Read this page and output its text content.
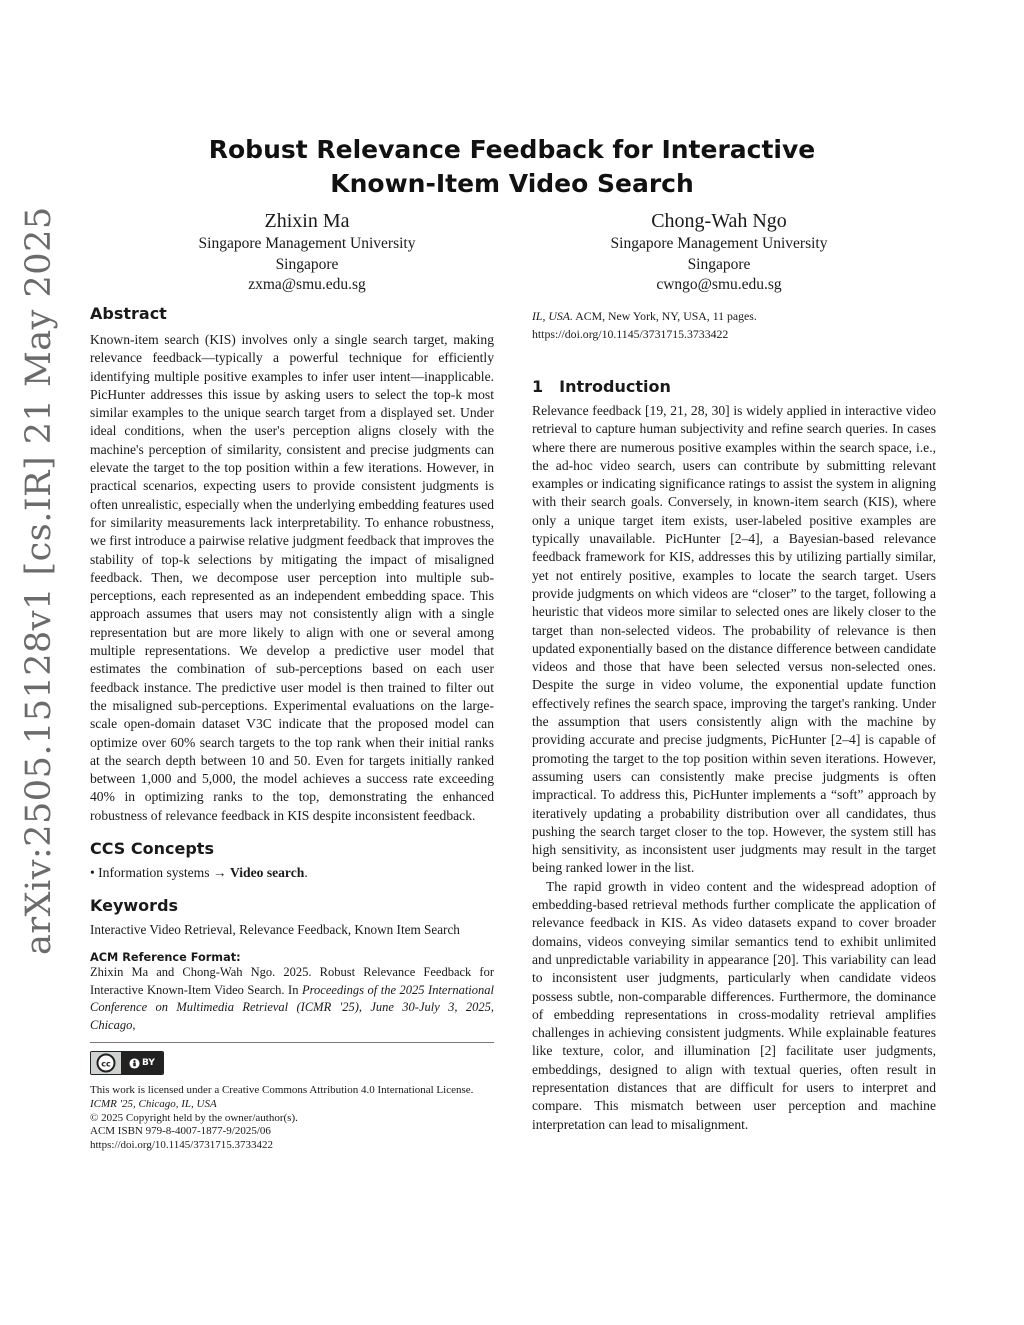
arXiv:2505.15128v1 [cs.IR] 21 May 2025
Robust Relevance Feedback for Interactive
Known-Item Video Search
Zhixin Ma
Singapore Management University
Singapore
zxma@smu.edu.sg
Chong-Wah Ngo
Singapore Management University
Singapore
cwngo@smu.edu.sg
Abstract

Known-item search (KIS) involves only a single search target, making relevance feedback—typically a powerful technique for efficiently identifying multiple positive examples to infer user intent—inapplicable. PicHunter addresses this issue by asking users to select the top-k most similar examples to the unique search target from a displayed set. Under ideal conditions, when the user's perception aligns closely with the machine's perception of similarity, consistent and precise judgments can elevate the target to the top position within a few iterations. However, in practical scenarios, expecting users to provide consistent judgments is often unrealistic, especially when the underlying embedding features used for similarity measurements lack interpretability. To enhance robustness, we first introduce a pairwise relative judgment feedback that improves the stability of top-k selections by mitigating the impact of misaligned feedback. Then, we decompose user perception into multiple sub-perceptions, each represented as an independent embedding space. This approach assumes that users may not consistently align with a single representation but are more likely to align with one or several among multiple representations. We develop a predictive user model that estimates the combination of sub-perceptions based on each user feedback instance. The predictive user model is then trained to filter out the misaligned sub-perceptions. Experimental evaluations on the large-scale open-domain dataset V3C indicate that the proposed model can optimize over 60% search targets to the top rank when their initial ranks at the search depth between 10 and 50. Even for targets initially ranked between 1,000 and 5,000, the model achieves a success rate exceeding 40% in optimizing ranks to the top, demonstrating the enhanced robustness of relevance feedback in KIS despite inconsistent feedback.

CCS Concepts
• Information systems → Video search.
Keywords
Interactive Video Retrieval, Relevance Feedback, Known Item Search
ACM Reference Format:
Zhixin Ma and Chong-Wah Ngo. 2025. Robust Relevance Feedback for Interactive Known-Item Video Search. In Proceedings of the 2025 International Conference on Multimedia Retrieval (ICMR '25), June 30-July 3, 2025, Chicago,
cc	BY
This work is licensed under a Creative Commons Attribution 4.0 International License.
ICMR '25, Chicago, IL, USA
© 2025 Copyright held by the owner/author(s).
ACM ISBN 979-8-4007-1877-9/2025/06
https://doi.org/10.1145/3731715.3733422
IL, USA. ACM, New York, NY, USA, 11 pages. https://doi.org/10.1145/3731715.3733422
1 Introduction

Relevance feedback [19, 21, 28, 30] is widely applied in interactive video retrieval to capture human subjectivity and refine search queries. In cases where there are numerous positive examples within the search space, i.e., the ad-hoc video search, users can contribute by submitting relevant examples or indicating significance ratings to assist the system in aligning with their search goals. Conversely, in known-item search (KIS), where only a unique target item exists, user-labeled positive examples are typically unavailable. PicHunter [2–4], a Bayesian-based relevance feedback framework for KIS, addresses this by utilizing partially similar, yet not entirely positive, examples to locate the search target. Users provide judgments on which videos are “closer” to the target, following a heuristic that videos more similar to selected ones are likely closer to the target than non-selected videos. The probability of relevance is then updated exponentially based on the distance difference between candidate videos and those that have been selected versus non-selected ones. Despite the surge in video volume, the exponential update function effectively refines the search space, improving the target's ranking. Under the assumption that users consistently align with the machine by providing accurate and precise judgments, PicHunter [2–4] is capable of promoting the target to the top position within seven iterations. However, assuming users can consistently make precise judgments is often impractical. To address this, PicHunter implements a “soft” approach by iteratively updating a probability distribution over all candidates, thus pushing the search target closer to the top. However, the system still has high sensitivity, as inconsistent user judgments may result in the target being ranked lower in the list.

The rapid growth in video content and the widespread adoption of embedding-based retrieval methods further complicate the application of relevance feedback in KIS. As video datasets expand to cover broader domains, videos conveying similar semantics tend to exhibit unlimited and unpredictable variability in appearance [20]. This variability can lead to inconsistent user judgments, particularly when candidate videos possess subtle, non-comparable differences. Furthermore, the dominance of embedding representations in cross-modality retrieval amplifies challenges in achieving consistent judgments. While explainable features like texture, color, and illumination [2] facilitate user judgments, embeddings, designed to align with textual queries, often result in representation distances that are difficult for users to interpret and compare. This mismatch between user perception and machine interpretation can lead to misalignment.
